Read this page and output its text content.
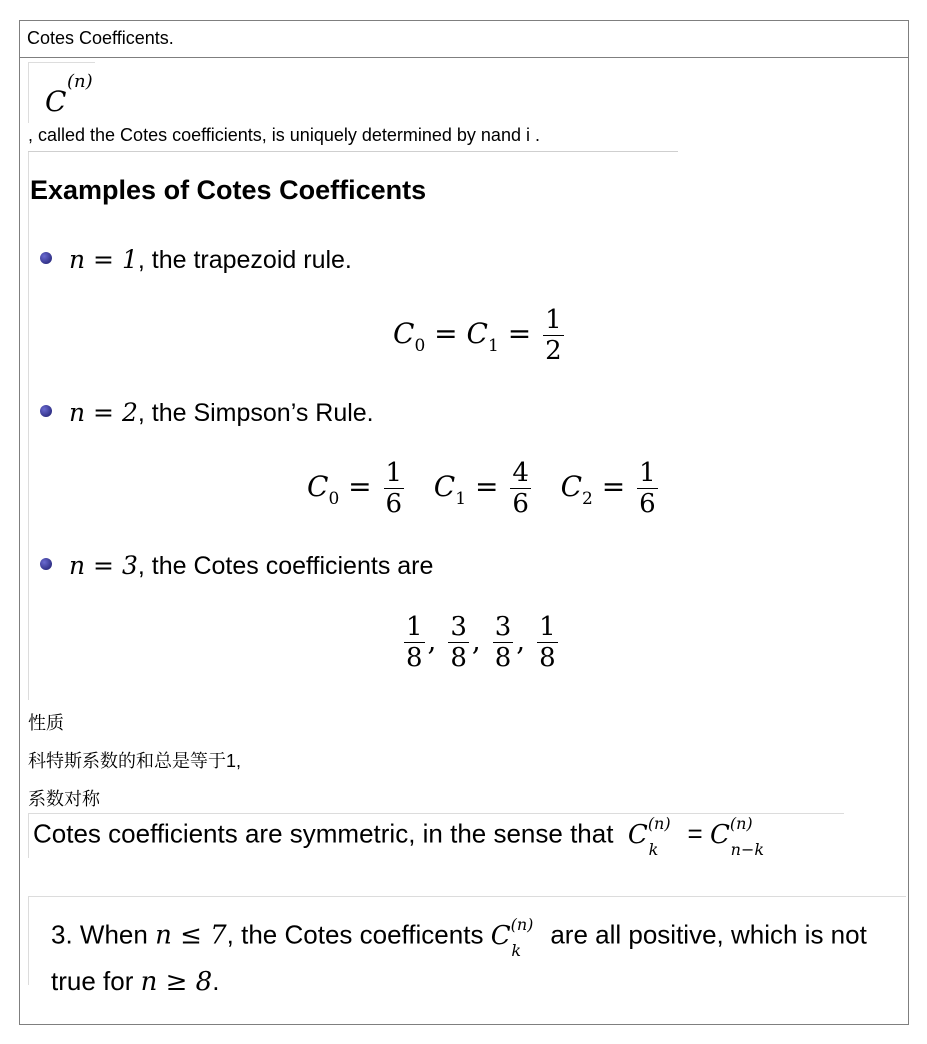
Cotes Coefficents.
C
(n)
, called the Cotes coefficients, is uniquely determined by nand i .
Examples of Cotes Coefficents
n = 1, the trapezoid rule.
$C_0 = C_1 = \frac{1}{2}$
n = 2, the Simpson’s Rule.
$C_0 = \frac{1}{6} C_1 = \frac{4}{6} C_2 = \frac{1}{6}$
n = 3, the Cotes coefficients are
$\frac{1}{8}$ , $\frac{3}{8}$ , $\frac{3}{8}$ , $\frac{1}{8}$
性质
科特斯系数的和总是等于1,
系数对称
Cotes coefficients are symmetric, in the sense that $C^{(n)}_k = C^{(n)}_{n-k}$
3. When n ≤ 7, the Cotes coefficents $C^{(n)}_k$ are all positive, which is not true for n ≥ 8.
